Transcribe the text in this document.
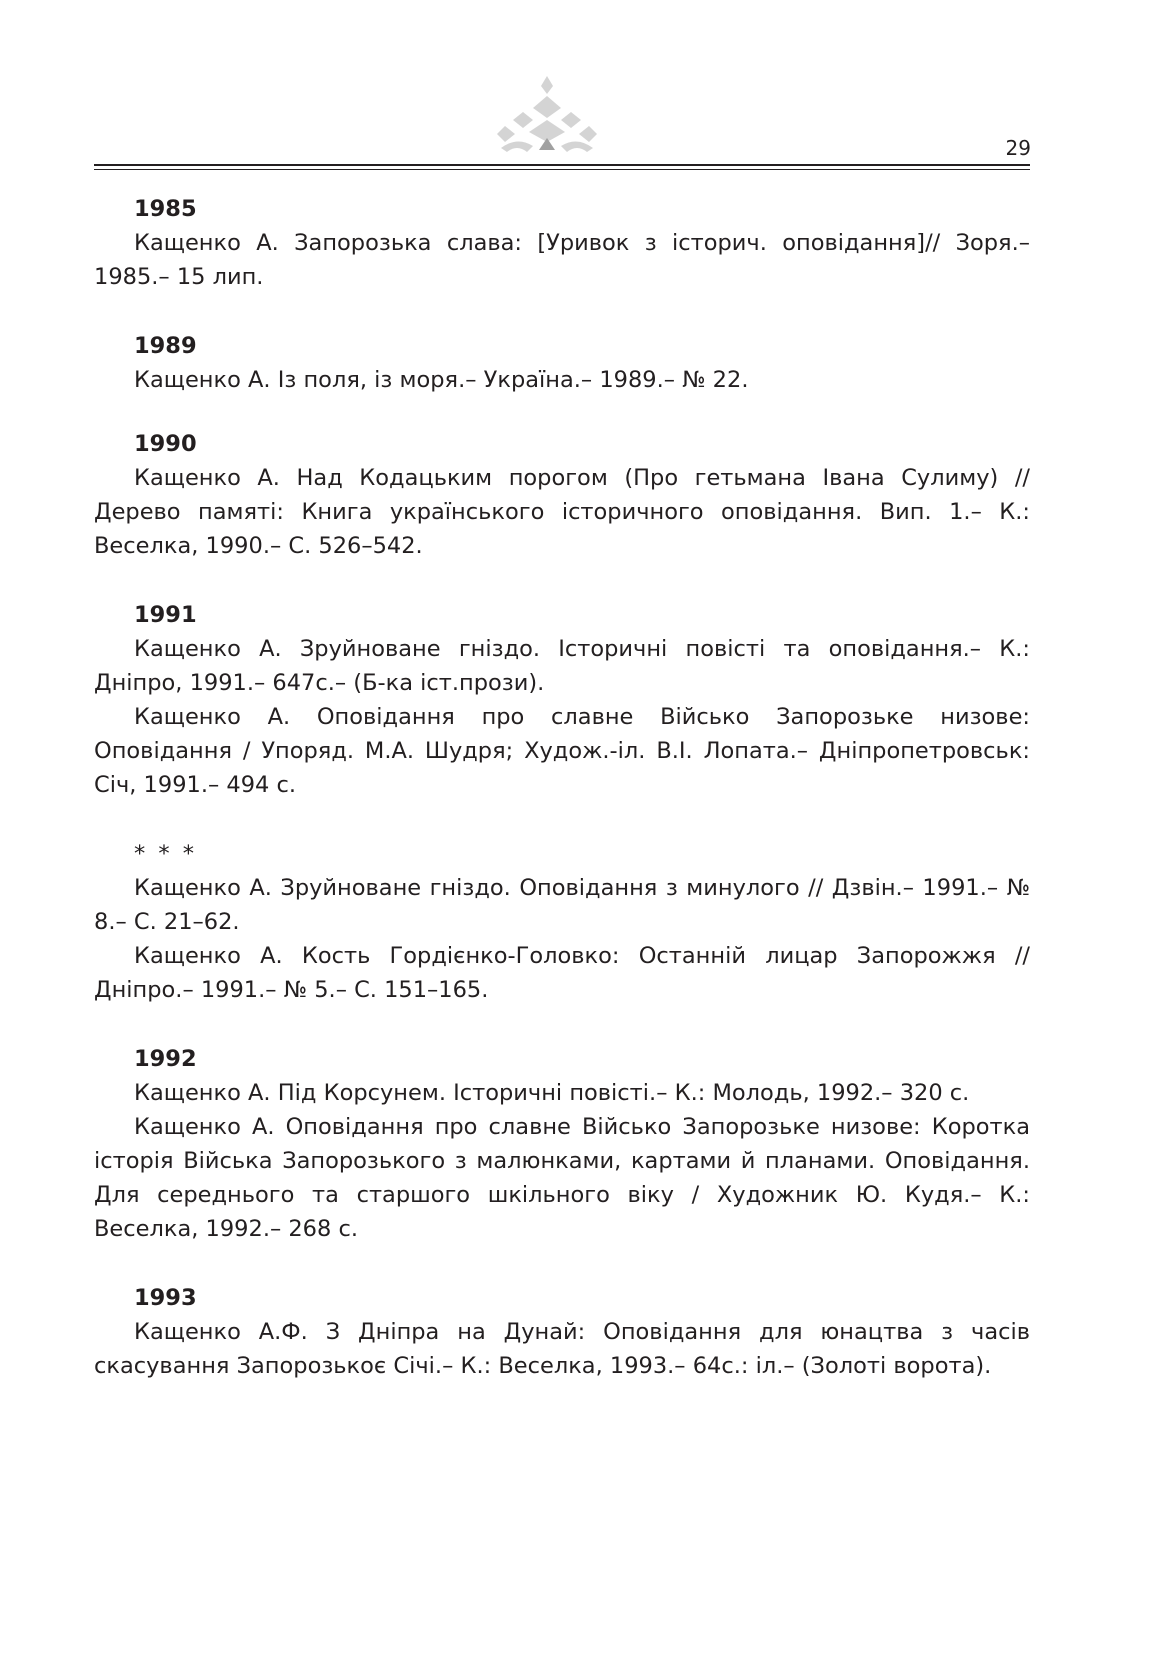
29
1985

Кащенко А. Запорозька слава: [Уривок з історич. оповідання]// Зоря.– 1985.– 15 лип.

1989

Кащенко А. Із поля, із моря.– Україна.– 1989.– № 22.

1990

Кащенко А. Над Кодацьким порогом (Про гетьмана Івана Сулиму) // Дерево памяті: Книга українського історичного оповідання. Вип. 1.– К.: Веселка, 1990.– С. 526–542.

1991

Кащенко А. Зруйноване гніздо. Історичні повісті та оповідання.– К.: Дніпро, 1991.– 647с.– (Б-ка іст.прози).

Кащенко А. Оповідання про славне Військо Запорозьке низове: Оповідання / Упоряд. М.А. Шудря; Худож.-іл. В.І. Лопата.– Дніпропетровськ: Січ, 1991.– 494 с.

* * *

Кащенко А. Зруйноване гніздо. Оповідання з минулого // Дзвін.– 1991.– № 8.– С. 21–62.

Кащенко А. Кость Гордієнко-Головко: Останній лицар Запорожжя // Дніпро.– 1991.– № 5.– С. 151–165.

1992

Кащенко А. Під Корсунем. Історичні повісті.– К.: Молодь, 1992.– 320 с.

Кащенко А. Оповідання про славне Військо Запорозьке низове: Коротка історія Війська Запорозького з малюнками, картами й планами. Оповідання. Для середнього та старшого шкільного віку / Художник Ю. Кудя.– К.: Веселка, 1992.– 268 с.

1993

Кащенко А.Ф. З Дніпра на Дунай: Оповідання для юнацтва з часів скасування Запорозькоє Січі.– К.: Веселка, 1993.– 64с.: іл.– (Золоті ворота).
